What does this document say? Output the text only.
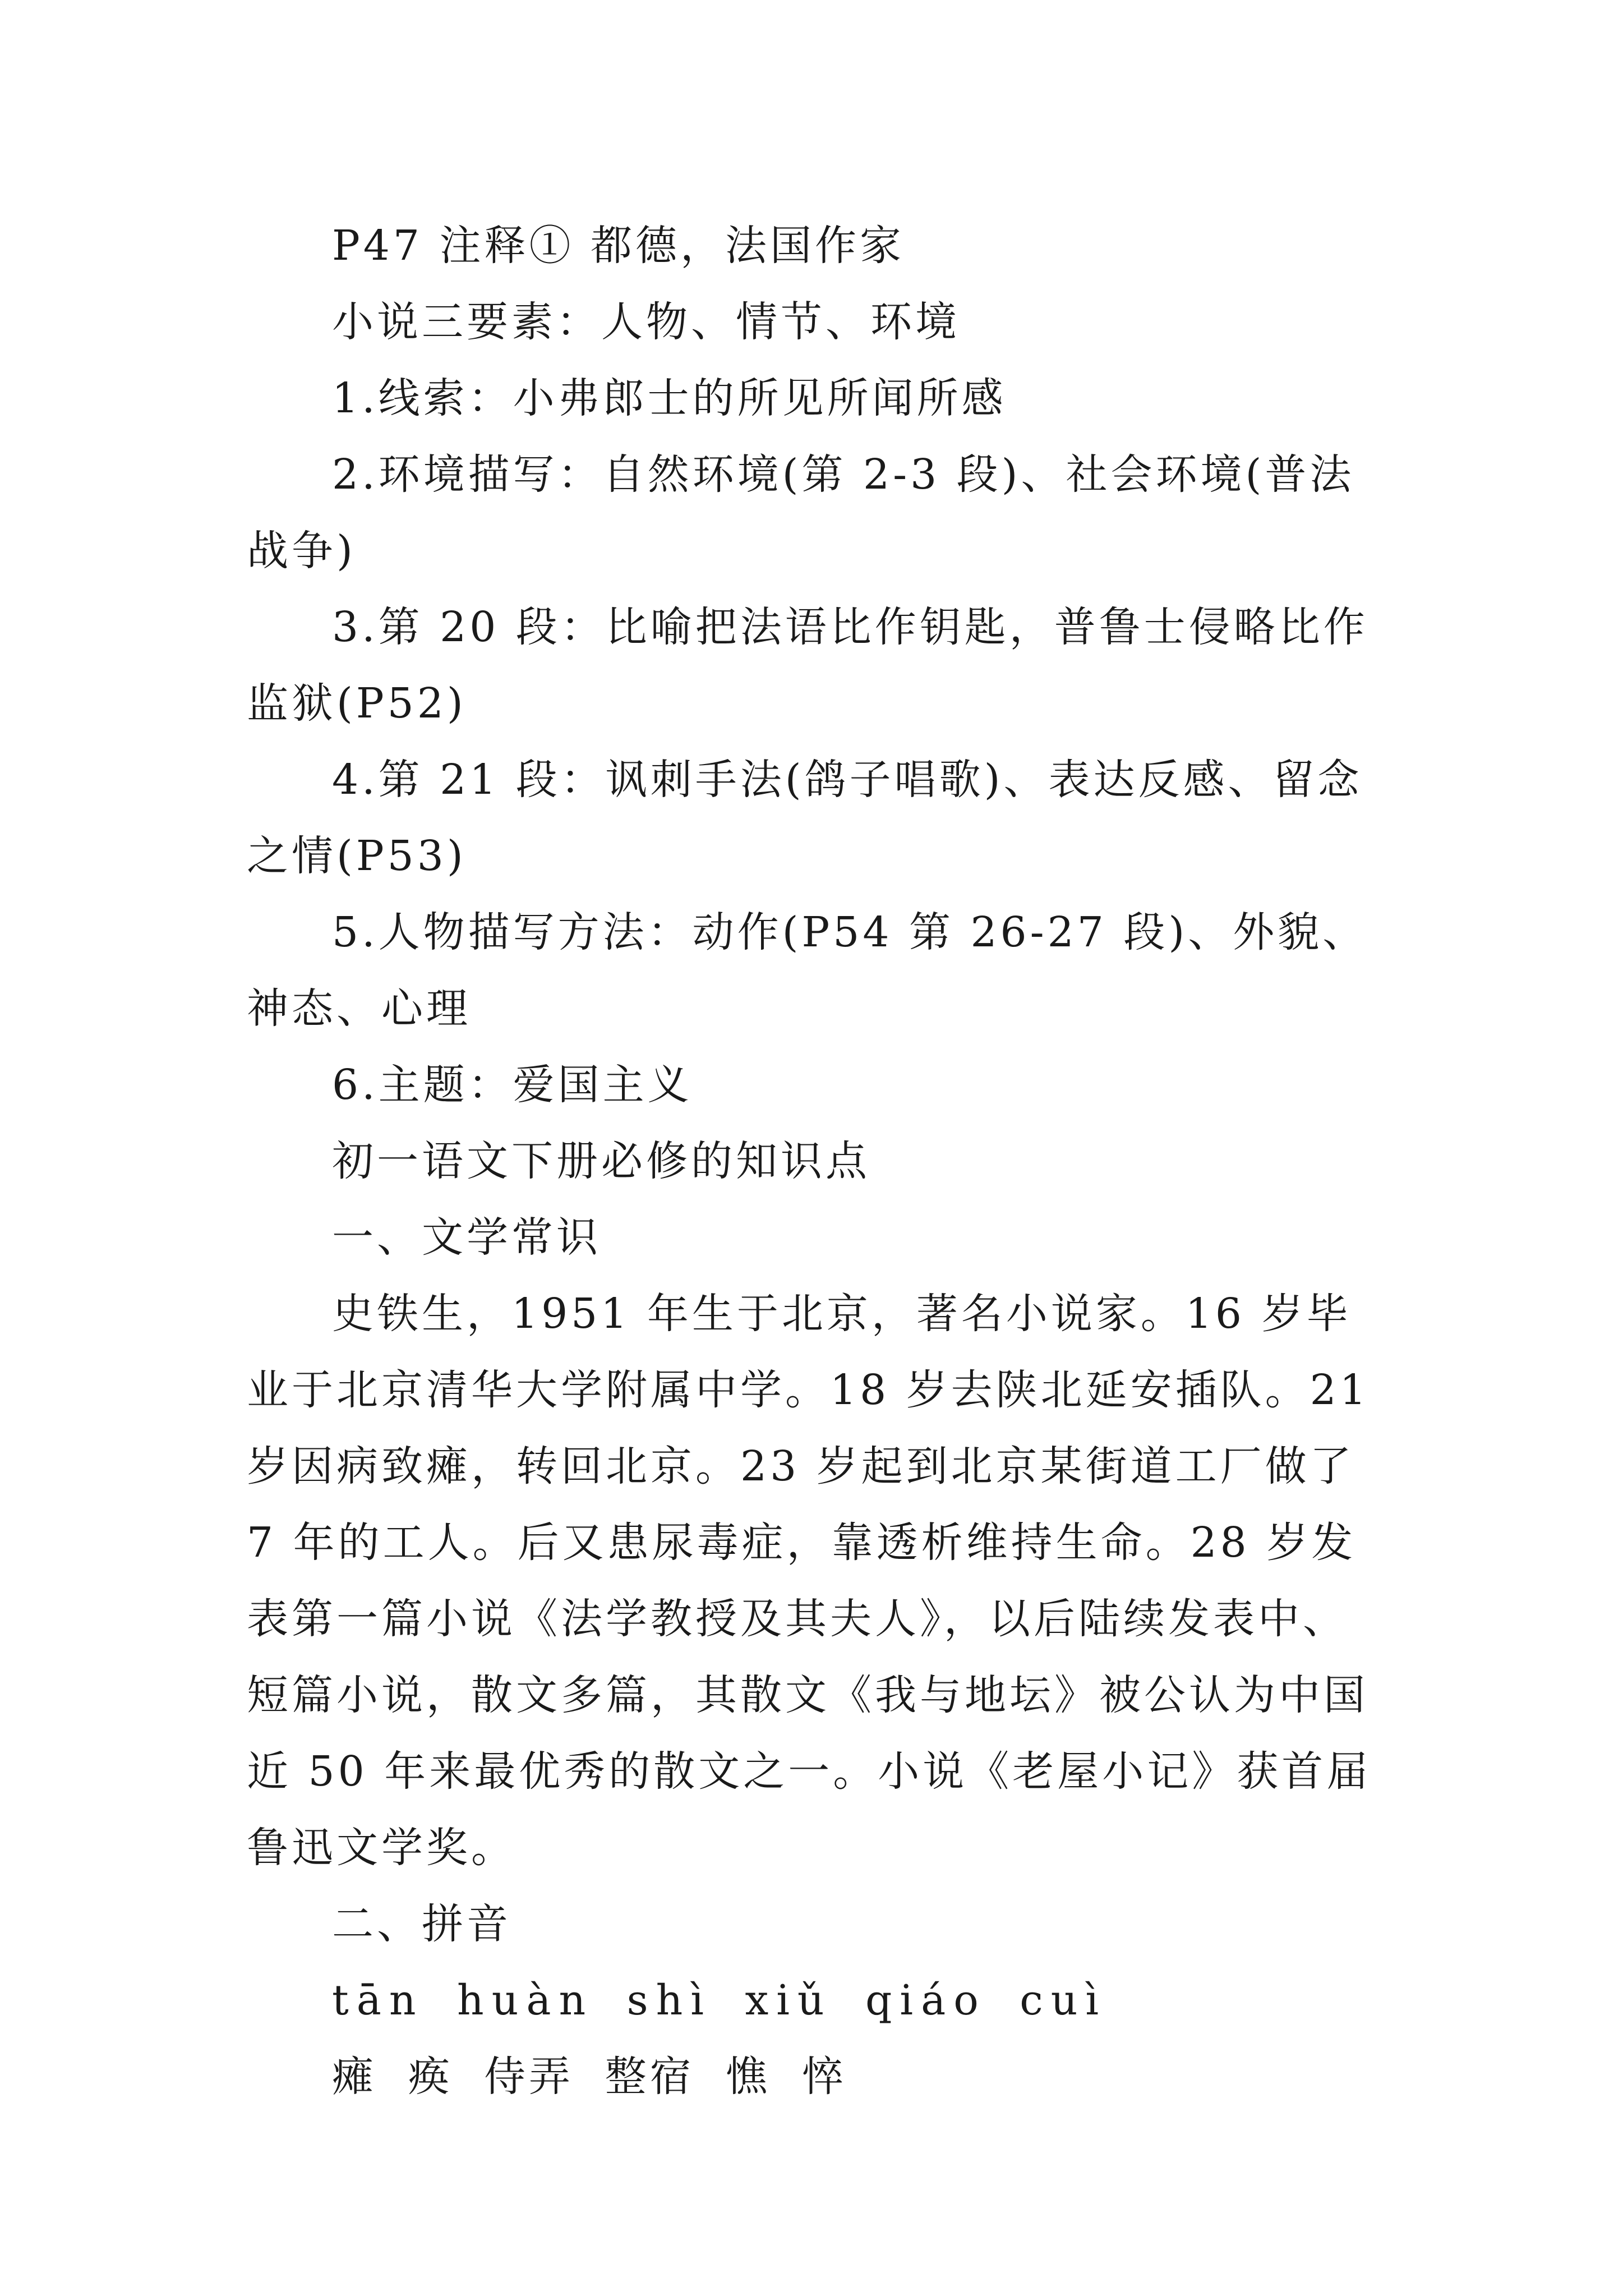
P47 注释① 都德，法国作家

小说三要素：人物、情节、环境

1.线索：小弗郎士的所见所闻所感

2.环境描写：自然环境(第 2-3 段)、社会环境(普法战争)

3.第 20 段：比喻把法语比作钥匙，普鲁士侵略比作监狱(P52)

4.第 21 段：讽刺手法(鸽子唱歌)、表达反感、留念之情(P53)

5.人物描写方法：动作(P54 第 26-27 段)、外貌、神态、心理

6.主题：爱国主义

初一语文下册必修的知识点

一、文学常识

史铁生，1951 年生于北京，著名小说家。16 岁毕业于北京清华大学附属中学。18 岁去陕北延安插队。21 岁因病致瘫，转回北京。23 岁起到北京某街道工厂做了 7 年的工人。后又患尿毒症，靠透析维持生命。28 岁发表第一篇小说《法学教授及其夫人》，以后陆续发表中、短篇小说，散文多篇，其散文《我与地坛》被公认为中国近 50 年来最优秀的散文之一。小说《老屋小记》获首届鲁迅文学奖。

二、拼音

tān huàn shì xiǔ qiáo cuì

瘫 痪 侍弄 整宿 憔 悴
